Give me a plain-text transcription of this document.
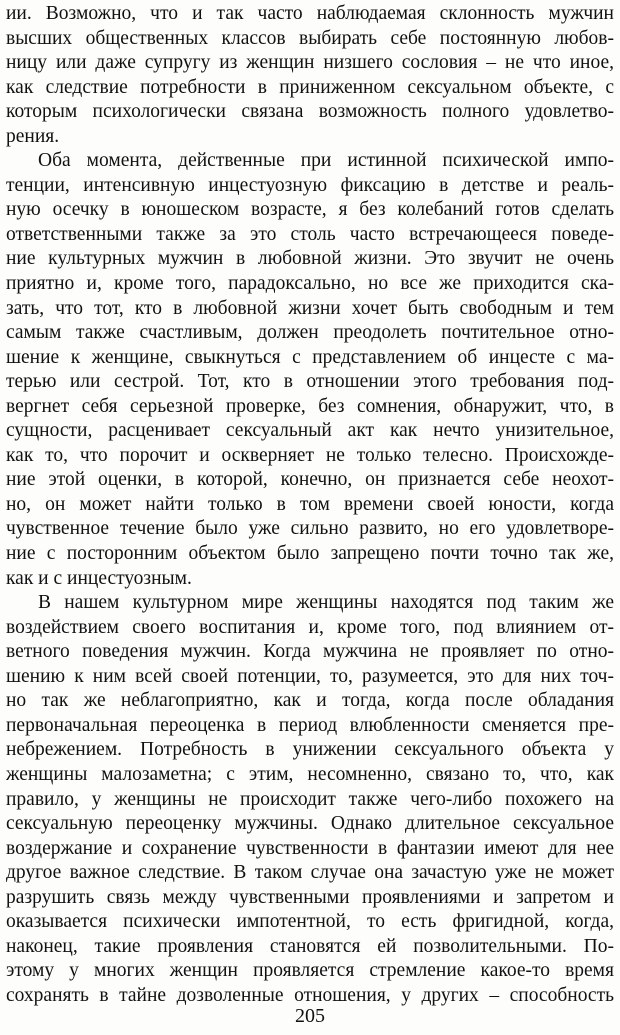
ии. Возможно, что и так часто наблюдаемая склонность мужчин
высших общественных классов выбирать себе постоянную любов-
ницу или даже супругу из женщин низшего сословия – не что иное,
как следствие потребности в приниженном сексуальном объекте, с
которым психологически связана возможность полного удовлетво-
рения.
Оба момента, действенные при истинной психической импо-
тенции, интенсивную инцестуозную фиксацию в детстве и реаль-
ную осечку в юношеском возрасте, я без колебаний готов сделать
ответственными также за это столь часто встречающееся поведе-
ние культурных мужчин в любовной жизни. Это звучит не очень
приятно и, кроме того, парадоксально, но все же приходится ска-
зать, что тот, кто в любовной жизни хочет быть свободным и тем
самым также счастливым, должен преодолеть почтительное отно-
шение к женщине, свыкнуться с представлением об инцесте с ма-
терью или сестрой. Тот, кто в отношении этого требования под-
вергнет себя серьезной проверке, без сомнения, обнаружит, что, в
сущности, расценивает сексуальный акт как нечто унизительное,
как то, что порочит и оскверняет не только телесно. Происхожде-
ние этой оценки, в которой, конечно, он признается себе неохот-
но, он может найти только в том времени своей юности, когда
чувственное течение было уже сильно развито, но его удовлетворе-
ние с посторонним объектом было запрещено почти точно так же,
как и с инцестуозным.
В нашем культурном мире женщины находятся под таким же
воздействием своего воспитания и, кроме того, под влиянием от-
ветного поведения мужчин. Когда мужчина не проявляет по отно-
шению к ним всей своей потенции, то, разумеется, это для них точ-
но так же неблагоприятно, как и тогда, когда после обладания
первоначальная переоценка в период влюбленности сменяется пре-
небрежением. Потребность в унижении сексуального объекта у
женщины малозаметна; с этим, несомненно, связано то, что, как
правило, у женщины не происходит также чего-либо похожего на
сексуальную переоценку мужчины. Однако длительное сексуальное
воздержание и сохранение чувственности в фантазии имеют для нее
другое важное следствие. В таком случае она зачастую уже не может
разрушить связь между чувственными проявлениями и запретом и
оказывается психически импотентной, то есть фригидной, когда,
наконец, такие проявления становятся ей позволительными. По-
этому у многих женщин проявляется стремление какое-то время
сохранять в тайне дозволенные отношения, у других – способность
205
